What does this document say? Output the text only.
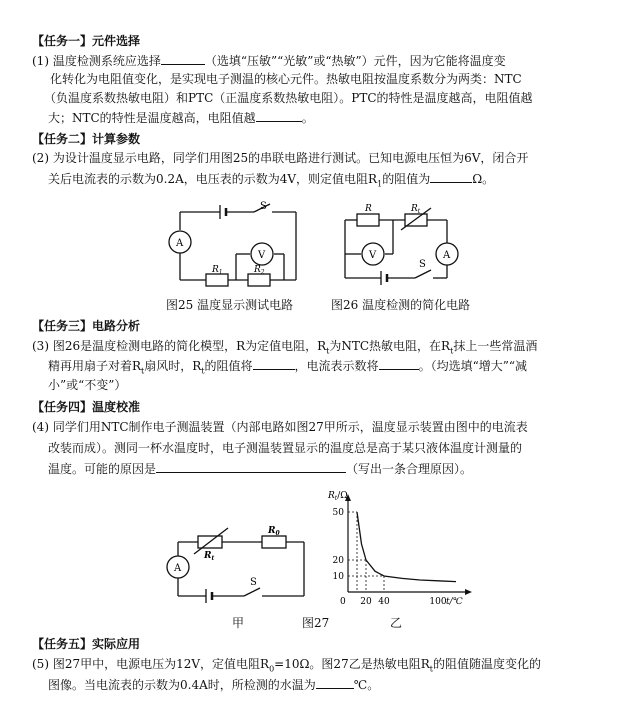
【任务一】元件选择
(1) 温度检测系统应选择	（选填“压敏”“光敏”或“热敏”）元件，因为它能将温度变
化转化为电阻值变化，是实现电子测温的核心元件。热敏电阻按温度系数分为两类：NTC
（负温度系数热敏电阻）和PTC（正温度系数热敏电阻）。PTC的特性是温度越高，电阻值越
大；NTC的特性是温度越高，电阻值越	。
【任务二】计算参数
(2) 为设计温度显示电路，同学们用图25的串联电路进行测试。已知电源电压恒为6V，闭合开
关后电流表的示数为0.2A，电压表的示数为4V，则定值电阻$R_1$的阻值为	Ω。
S
A
V
$R_1$	$R_2$
图25 温度显示测试电路
R	$R_t$
S
A
V
图26 温度检测的简化电路
【任务三】电路分析
(3) 图26是温度检测电路的简化模型，R为定值电阻，$R_t$为NTC热敏电阻，在$R_t$抹上一些常温酒
精再用扇子对着$R_t$扇风时，$R_t$的阻值将	，电流表示数将	。（均选填“增大”“减
小”或“不变”）
【任务四】温度校准
(4) 同学们用NTC制作电子测温装置（内部电路如图27甲所示，温度显示装置由图中的电流表
改装而成）。测同一杯水温度时，电子测温装置显示的温度总是高于某只液体温度计测量的
温度。可能的原因是	（写出一条合理原因）。
$R_t$
$R_0$
S
A
$R_t/\Omega$
0	t/℃
10
20
50
20 40	100
甲	图27	乙
【任务五】实际应用
(5) 图27甲中，电源电压为12V，定值电阻$R_0=10\Omega$。图27乙是热敏电阻$R_t$的阻值随温度变化的
图像。当电流表的示数为0.4A时，所检测的水温为	℃。
